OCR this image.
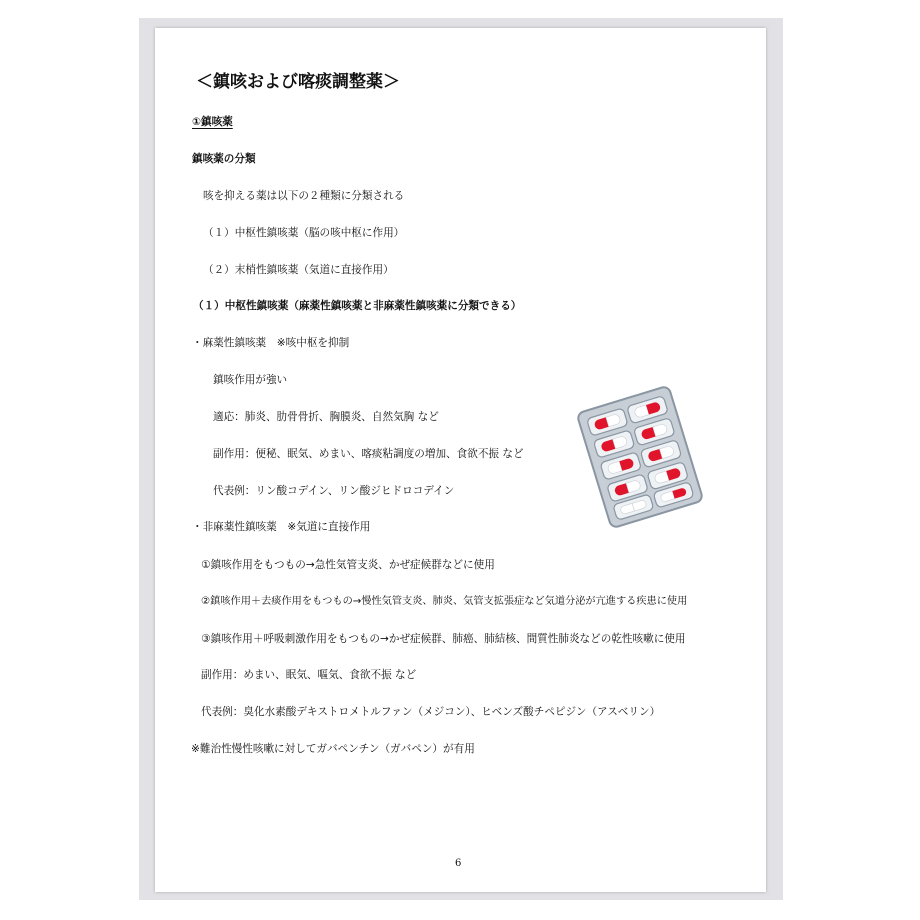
＜鎮咳および喀痰調整薬＞
①鎮咳薬
鎮咳薬の分類
咳を抑える薬は以下の２種類に分類される
（１）中枢性鎮咳薬（脳の咳中枢に作用）
（２）末梢性鎮咳薬（気道に直接作用）
（１）中枢性鎮咳薬（麻薬性鎮咳薬と非麻薬性鎮咳薬に分類できる）
・麻薬性鎮咳薬　※咳中枢を抑制
鎮咳作用が強い
適応：肺炎、肋骨骨折、胸膜炎、自然気胸 など
副作用：便秘、眠気、めまい、喀痰粘調度の増加、食欲不振 など
代表例：リン酸コデイン、リン酸ジヒドロコデイン
・非麻薬性鎮咳薬　※気道に直接作用
①鎮咳作用をもつもの→急性気管支炎、かぜ症候群などに使用
②鎮咳作用＋去痰作用をもつもの→慢性気管支炎、肺炎、気管支拡張症など気道分泌が亢進する疾患に使用
③鎮咳作用＋呼吸刺激作用をもつもの→かぜ症候群、肺癌、肺結核、間質性肺炎などの乾性咳嗽に使用
副作用：めまい、眠気、嘔気、食欲不振 など
代表例：臭化水素酸デキストロメトルファン（メジコン）、ヒベンズ酸チペピジン（アスベリン）
※難治性慢性咳嗽に対してガバペンチン（ガバペン）が有用
6
